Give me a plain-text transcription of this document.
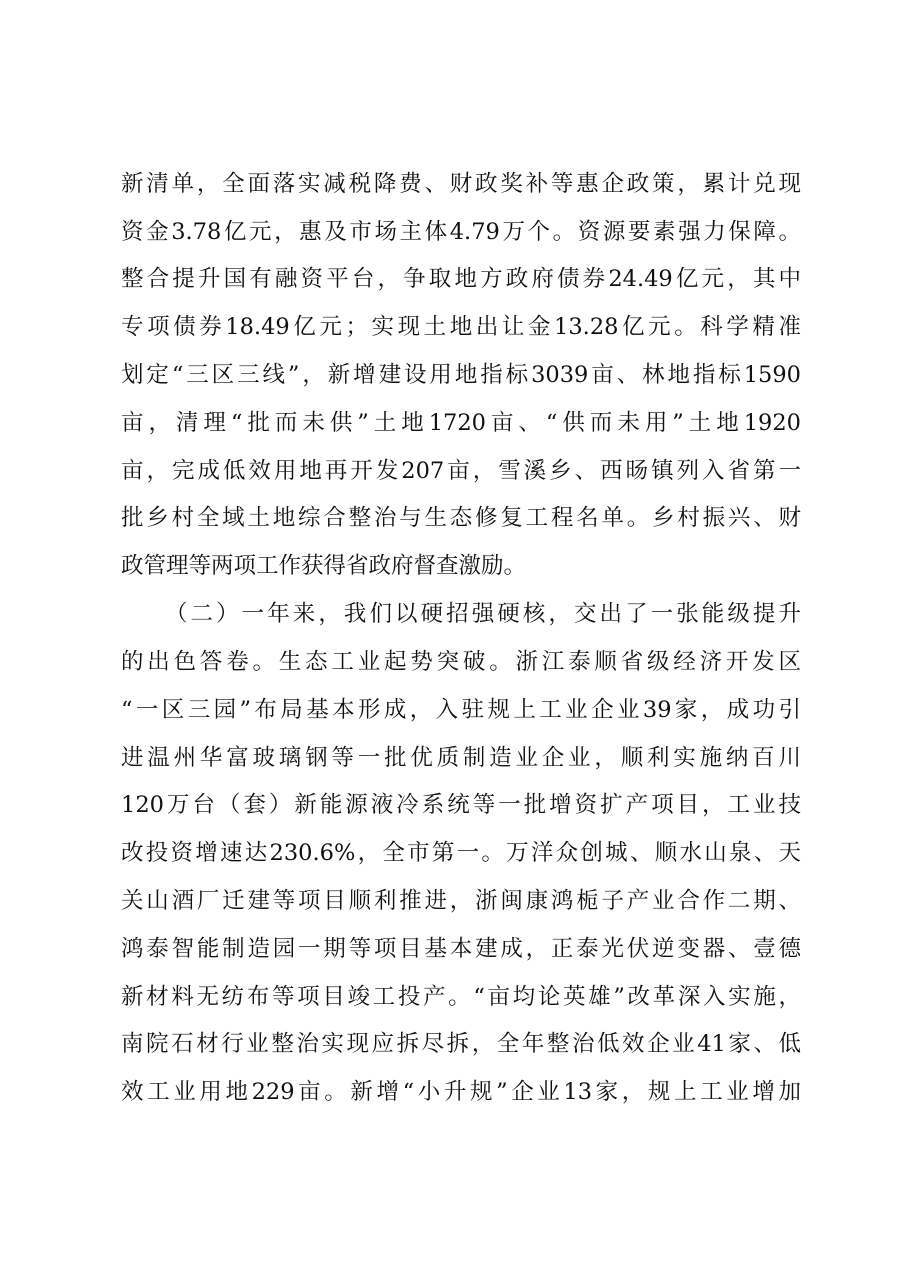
新清单，全面落实减税降费、财政奖补等惠企政策，累计兑现
资金3.78亿元，惠及市场主体4.79万个。资源要素强力保障。
整合提升国有融资平台，争取地方政府债券24.49亿元，其中
专项债券18.49亿元；实现土地出让金13.28亿元。科学精准
划定“三区三线”，新增建设用地指标3039亩、林地指标1590
亩，清理“批而未供”土地1720亩、“供而未用”土地1920
亩，完成低效用地再开发207亩，雪溪乡、西旸镇列入省第一
批乡村全域土地综合整治与生态修复工程名单。乡村振兴、财
政管理等两项工作获得省政府督查激励。
（二）一年来，我们以硬招强硬核，交出了一张能级提升
的出色答卷。生态工业起势突破。浙江泰顺省级经济开发区
“一区三园”布局基本形成，入驻规上工业企业39家，成功引
进温州华富玻璃钢等一批优质制造业企业，顺利实施纳百川
120万台（套）新能源液冷系统等一批增资扩产项目，工业技
改投资增速达230.6%，全市第一。万洋众创城、顺水山泉、天
关山酒厂迁建等项目顺利推进，浙闽康鸿栀子产业合作二期、
鸿泰智能制造园一期等项目基本建成，正泰光伏逆变器、壹德
新材料无纺布等项目竣工投产。“亩均论英雄”改革深入实施，
南院石材行业整治实现应拆尽拆，全年整治低效企业41家、低
效工业用地229亩。新增“小升规”企业13家，规上工业增加
